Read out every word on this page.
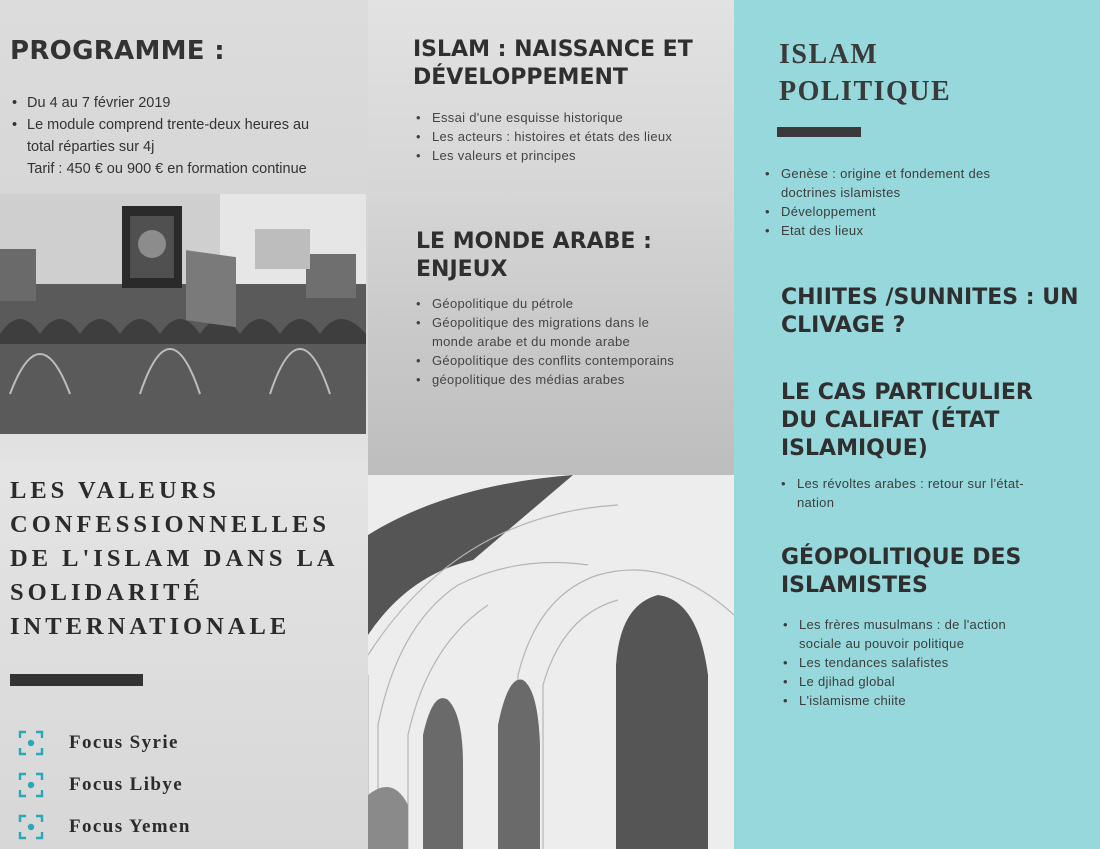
PROGRAMME :
• Du 4 au 7 février 2019
• Le module comprend trente-deux heures au total réparties sur 4j
Tarif : 450 € ou 900 € en formation continue
LES VALEURS CONFESSIONNELLES DE L'ISLAM DANS LA SOLIDARITÉ INTERNATIONALE
Focus Syrie
Focus Libye
Focus Yemen
ISLAM : NAISSANCE ET DÉVELOPPEMENT
• Essai d'une esquisse historique
• Les acteurs : histoires et états des lieux
• Les valeurs et principes
LE MONDE ARABE : ENJEUX
• Géopolitique du pétrole
• Géopolitique des migrations dans le monde arabe et du monde arabe
• Géopolitique des conflits contemporains
• géopolitique des médias arabes
ISLAM POLITIQUE
• Genèse : origine et fondement des doctrines islamistes
• Développement
• Etat des lieux
CHIITES /SUNNITES : UN CLIVAGE ?
LE CAS PARTICULIER DU CALIFAT (ÉTAT ISLAMIQUE)
• Les révoltes arabes : retour sur l'état-nation
GÉOPOLITIQUE DES ISLAMISTES
• Les frères musulmans : de l'action sociale au pouvoir politique
• Les tendances salafistes
• Le djihad global
• L'islamisme chiite
